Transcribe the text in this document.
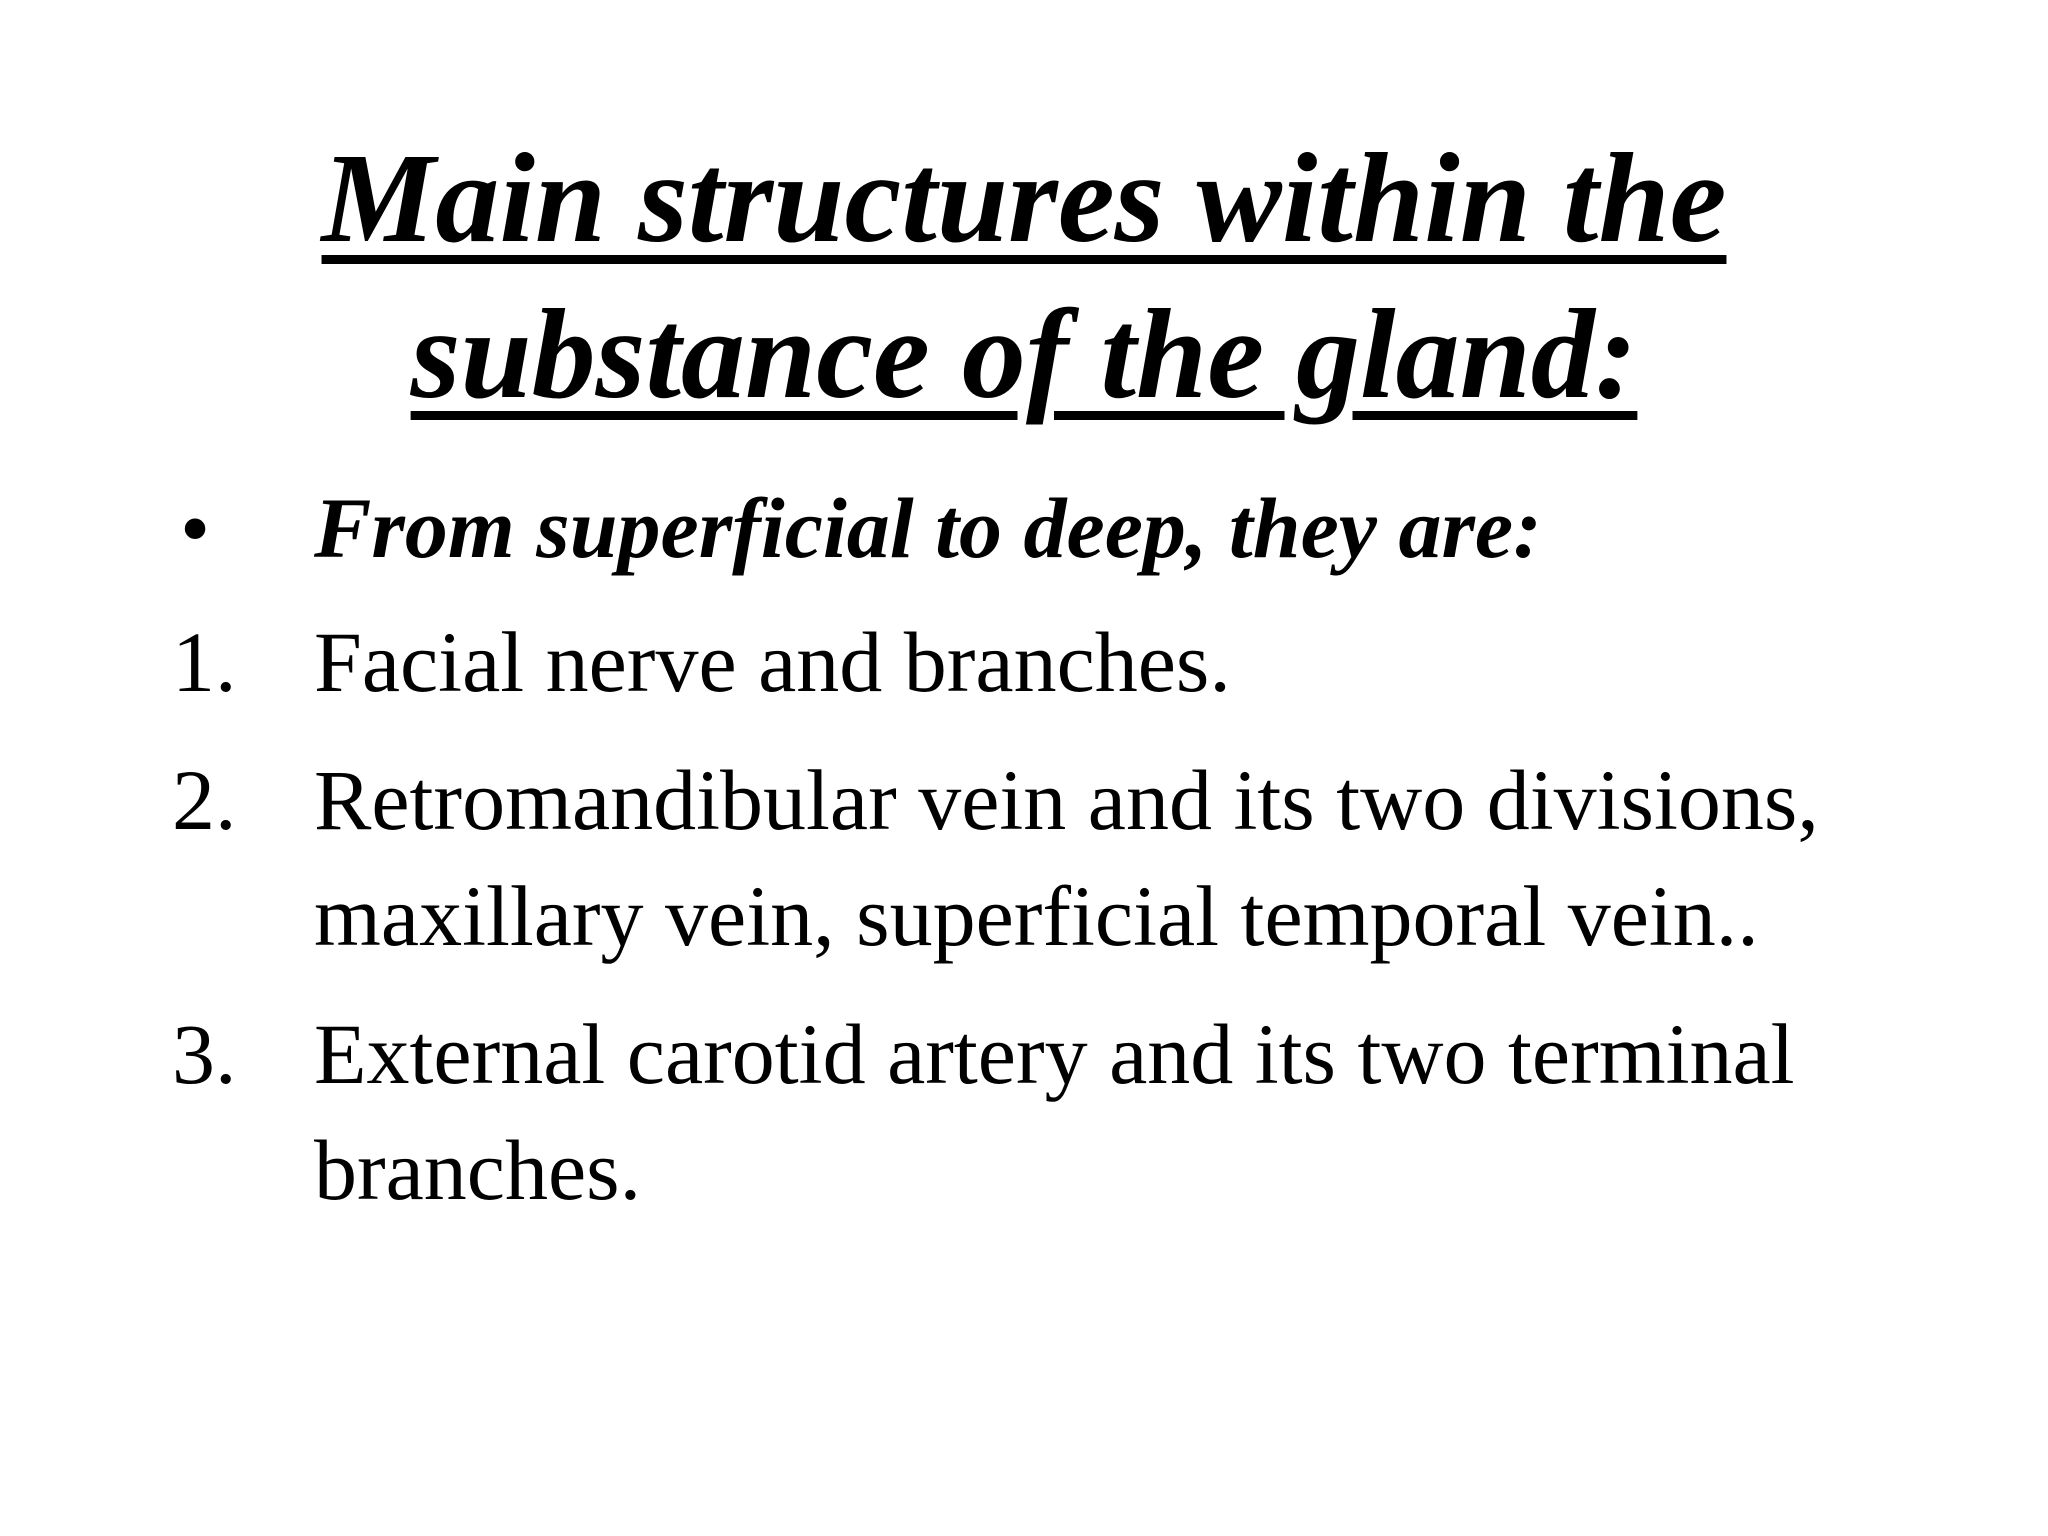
Main structures within the
substance of the gland:
• From superficial to deep, they are:
1. Facial nerve and branches.
2. Retromandibular vein and its two divisions, maxillary vein, superficial temporal vein..
3. External carotid artery and its two terminal branches.
